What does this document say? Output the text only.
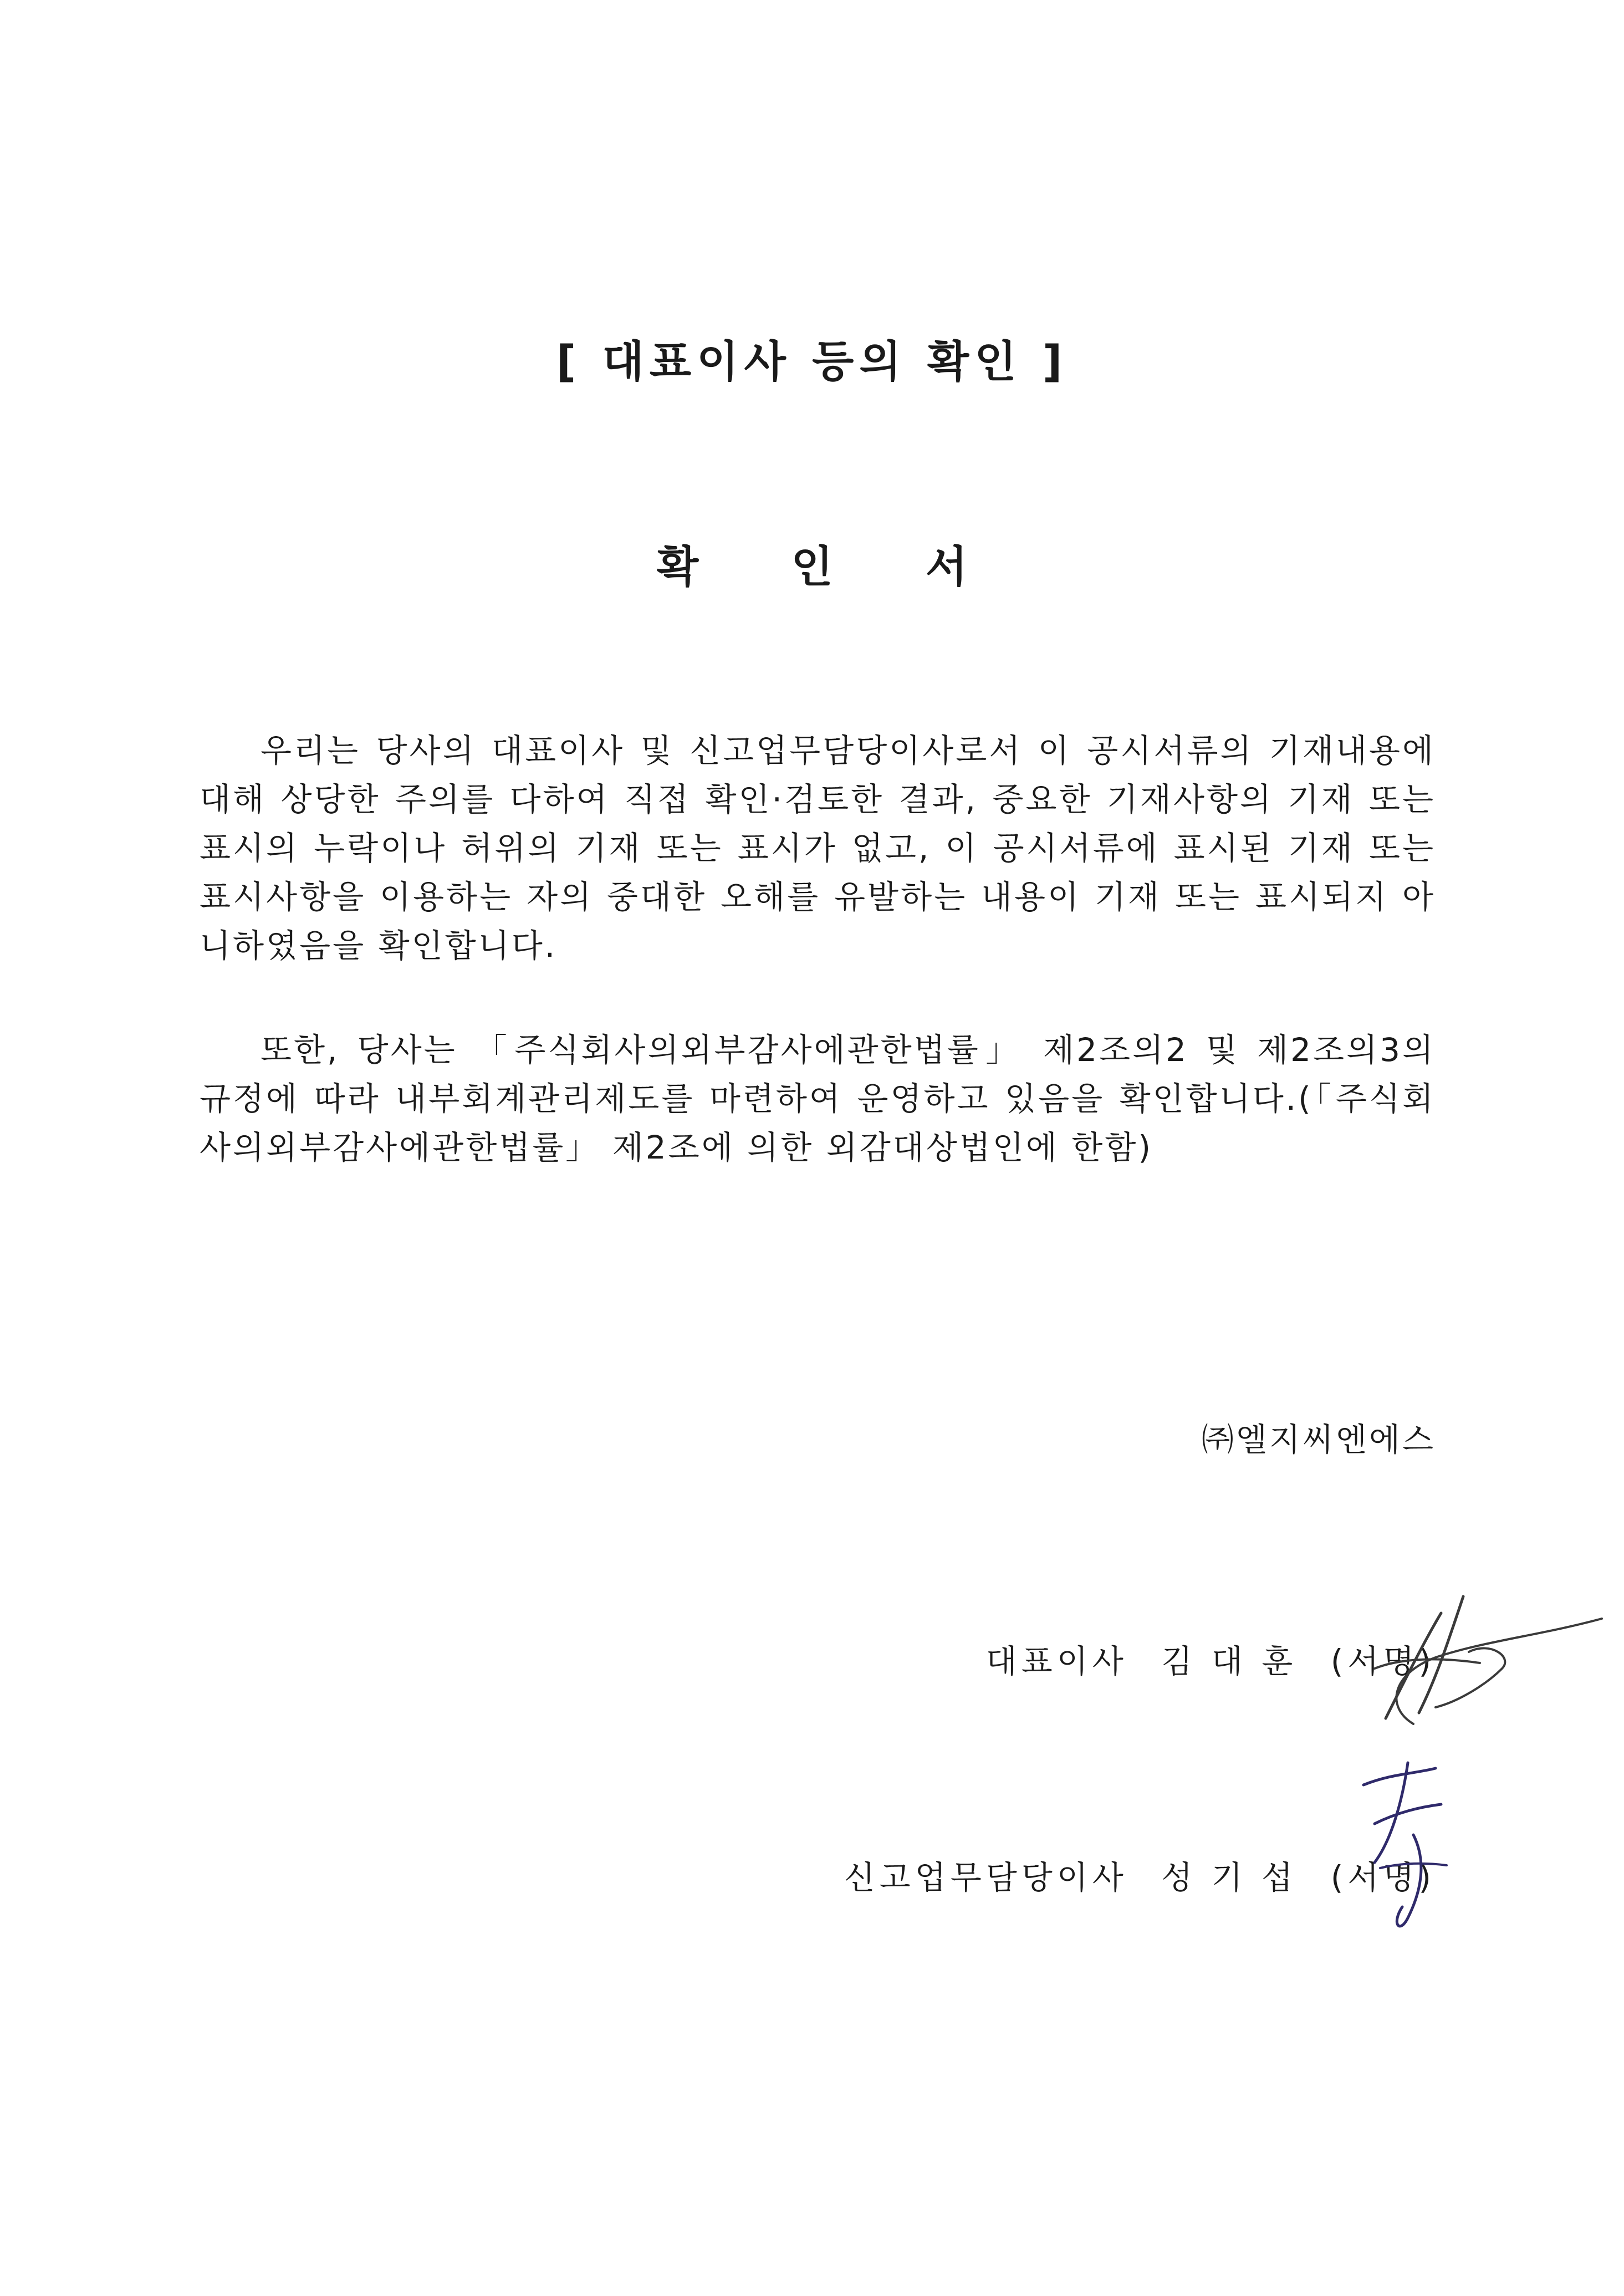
[ 대표이사 등의 확인 ]
확 인 서

우리는 당사의 대표이사 및 신고업무담당이사로서 이 공시서류의 기재내용에 대해 상당한 주의를 다하여 직접 확인·검토한 결과, 중요한 기재사항의 기재 또는 표시의 누락이나 허위의 기재 또는 표시가 없고, 이 공시서류에 표시된 기재 또는 표시사항을 이용하는 자의 중대한 오해를 유발하는 내용이 기재 또는 표시되지 아니하였음을 확인합니다.

또한, 당사는 「주식회사의외부감사에관한법률」 제2조의2 및 제2조의3의 규정에 따라 내부회계관리제도를 마련하여 운영하고 있음을 확인합니다.(「주식회사의외부감사에관한법률」 제2조에 의한 외감대상법인에 한함)

㈜엘지씨엔에스
대표이사 김 대 훈 (서명)
신고업무담당이사 성 기 섭 (서명)
